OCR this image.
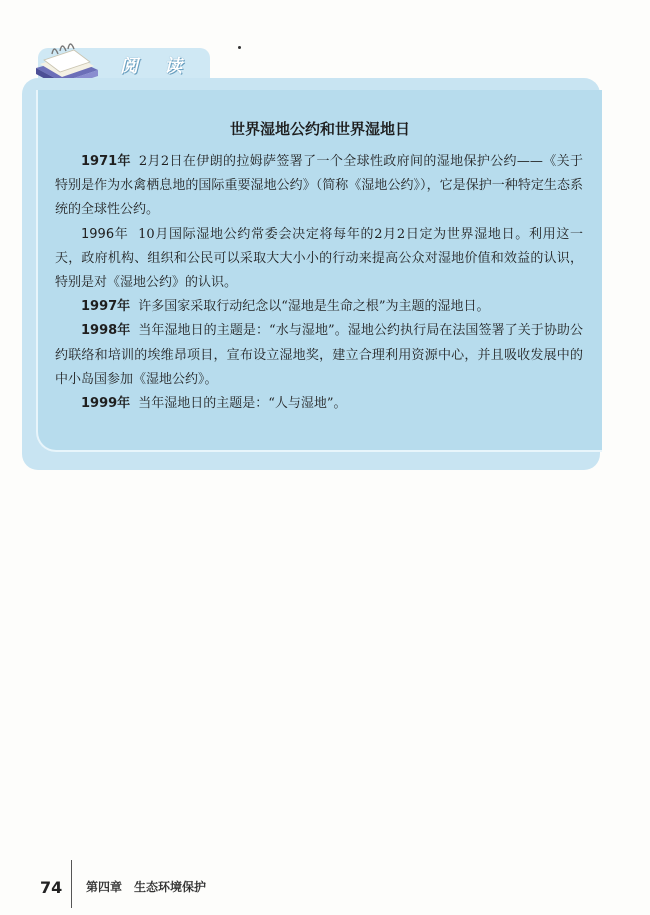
阅 读
世界湿地公约和世界湿地日

1971年 2月2日在伊朗的拉姆萨签署了一个全球性政府间的湿地保护公约——《关于特别是作为水禽栖息地的国际重要湿地公约》（简称《湿地公约》），它是保护一种特定生态系统的全球性公约。

1996年 10月国际湿地公约常委会决定将每年的2月2日定为世界湿地日。利用这一天，政府机构、组织和公民可以采取大大小小的行动来提高公众对湿地价值和效益的认识，特别是对《湿地公约》的认识。

1997年 许多国家采取行动纪念以“湿地是生命之根”为主题的湿地日。

1998年 当年湿地日的主题是：“水与湿地”。湿地公约执行局在法国签署了关于协助公约联络和培训的埃维昂项目，宣布设立湿地奖，建立合理利用资源中心，并且吸收发展中的中小岛国参加《湿地公约》。

1999年 当年湿地日的主题是：“人与湿地”。

74 第四章　生态环境保护
